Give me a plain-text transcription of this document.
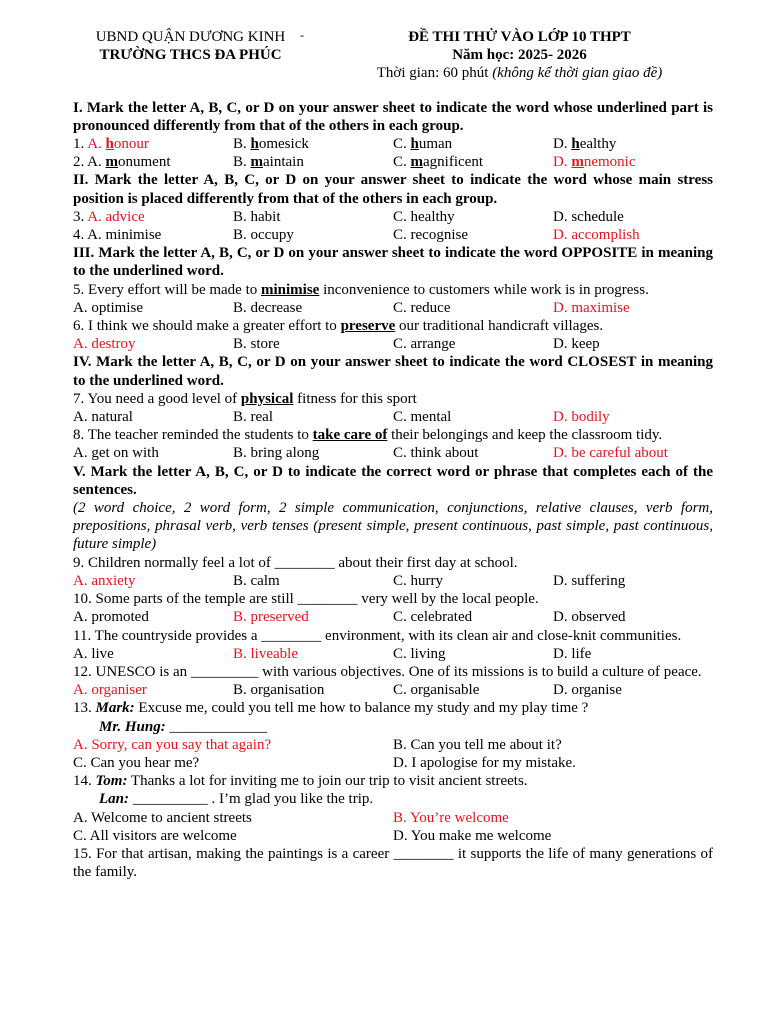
-
UBND QUẬN DƯƠNG KINH
TRƯỜNG THCS ĐA PHÚC
ĐỀ THI THỬ VÀO LỚP 10 THPT
Năm học: 2025- 2026
Thời gian: 60 phút (không kể thời gian giao đề)
I. Mark the letter A, B, C, or D on your answer sheet to indicate the word whose underlined part is pronounced differently from that of the others in each group.
1. A. honour	B. homesick	C. human	D. healthy
2. A. monument	B. maintain	C. magnificent	D. mnemonic
II. Mark the letter A, B, C, or D on your answer sheet to indicate the word whose main stress position is placed differently from that of the others in each group.
3. A. advice	B. habit	C. healthy	D. schedule
4. A. minimise	B. occupy	C. recognise	D. accomplish
III. Mark the letter A, B, C, or D on your answer sheet to indicate the word OPPOSITE in meaning to the underlined word.
5. Every effort will be made to minimise inconvenience to customers while work is in progress.
A. optimise	B. decrease	C. reduce	D. maximise
6. I think we should make a greater effort to preserve our traditional handicraft villages.
A. destroy	B. store	C. arrange	D. keep
IV. Mark the letter A, B, C, or D on your answer sheet to indicate the word CLOSEST in meaning to the underlined word.
7. You need a good level of physical fitness for this sport
A. natural	B. real	C. mental	D. bodily
8. The teacher reminded the students to take care of their belongings and keep the classroom tidy.
A. get on with	B. bring along	C. think about	D. be careful about
V. Mark the letter A, B, C, or D to indicate the correct word or phrase that completes each of the sentences.
(2 word choice, 2 word form, 2 simple communication, conjunctions, relative clauses, verb form, prepositions, phrasal verb, verb tenses (present simple, present continuous, past simple, past continuous, future simple)
9. Children normally feel a lot of ________ about their first day at school.
A. anxiety	B. calm	C. hurry	D. suffering
10. Some parts of the temple are still ________ very well by the local people.
A. promoted	B. preserved	C. celebrated	D. observed
11. The countryside provides a ________ environment, with its clean air and close-knit communities.
A. live	B. liveable	C. living	D. life
12. UNESCO is an _________ with various objectives. One of its missions is to build a culture of peace.
A. organiser	B. organisation	C. organisable	D. organise
13. Mark: Excuse me, could you tell me how to balance my study and my play time ?
Mr. Hung: _____________
A. Sorry, can you say that again?	B. Can you tell me about it?
C. Can you hear me?	D. I apologise for my mistake.
14. Tom: Thanks a lot for inviting me to join our trip to visit ancient streets.
Lan: __________ . I’m glad you like the trip.
A. Welcome to ancient streets	B. You’re welcome
C. All visitors are welcome	D. You make me welcome
15. For that artisan, making the paintings is a career ________ it supports the life of many generations of the family.
